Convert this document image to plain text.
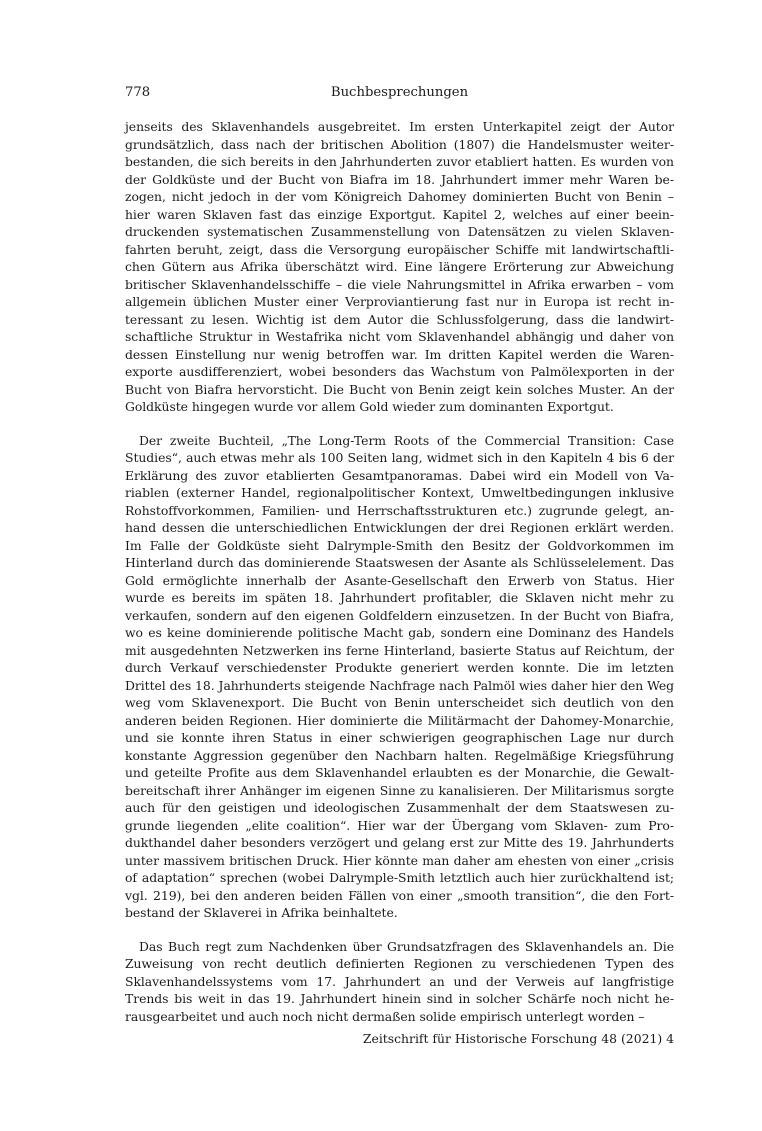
778	Buchbesprechungen

jenseits des Sklavenhandels ausgebreitet. Im ersten Unterkapitel zeigt der Autor grundsätzlich, dass nach der britischen Abolition (1807) die Handelsmuster weiterbestanden, die sich bereits in den Jahrhunderten zuvor etabliert hatten. Es wurden von der Goldküste und der Bucht von Biafra im 18. Jahrhundert immer mehr Waren bezogen, nicht jedoch in der vom Königreich Dahomey dominierten Bucht von Benin – hier waren Sklaven fast das einzige Exportgut. Kapitel 2, welches auf einer beeindruckenden systematischen Zusammenstellung von Datensätzen zu vielen Sklavenfahrten beruht, zeigt, dass die Versorgung europäischer Schiffe mit landwirtschaftlichen Gütern aus Afrika überschätzt wird. Eine längere Erörterung zur Abweichung britischer Sklavenhandelsschiffe – die viele Nahrungsmittel in Afrika erwarben – vom allgemein üblichen Muster einer Verproviantierung fast nur in Europa ist recht interessant zu lesen. Wichtig ist dem Autor die Schlussfolgerung, dass die landwirtschaftliche Struktur in Westafrika nicht vom Sklavenhandel abhängig und daher von dessen Einstellung nur wenig betroffen war. Im dritten Kapitel werden die Warenexporte ausdifferenziert, wobei besonders das Wachstum von Palmölexporten in der Bucht von Biafra hervorsticht. Die Bucht von Benin zeigt kein solches Muster. An der Goldküste hingegen wurde vor allem Gold wieder zum dominanten Exportgut.

Der zweite Buchteil, „The Long-Term Roots of the Commercial Transition: Case Studies“, auch etwas mehr als 100 Seiten lang, widmet sich in den Kapiteln 4 bis 6 der Erklärung des zuvor etablierten Gesamtpanoramas. Dabei wird ein Modell von Variablen (externer Handel, regionalpolitischer Kontext, Umweltbedingungen inklusive Rohstoffvorkommen, Familien- und Herrschaftsstrukturen etc.) zugrunde gelegt, anhand dessen die unterschiedlichen Entwicklungen der drei Regionen erklärt werden. Im Falle der Goldküste sieht Dalrymple-Smith den Besitz der Goldvorkommen im Hinterland durch das dominierende Staatswesen der Asante als Schlüsselelement. Das Gold ermöglichte innerhalb der Asante-Gesellschaft den Erwerb von Status. Hier wurde es bereits im späten 18. Jahrhundert profitabler, die Sklaven nicht mehr zu verkaufen, sondern auf den eigenen Goldfeldern einzusetzen. In der Bucht von Biafra, wo es keine dominierende politische Macht gab, sondern eine Dominanz des Handels mit ausgedehnten Netzwerken ins ferne Hinterland, basierte Status auf Reichtum, der durch Verkauf verschiedenster Produkte generiert werden konnte. Die im letzten Drittel des 18. Jahrhunderts steigende Nachfrage nach Palmöl wies daher hier den Weg weg vom Sklavenexport. Die Bucht von Benin unterscheidet sich deutlich von den anderen beiden Regionen. Hier dominierte die Militärmacht der Dahomey-Monarchie, und sie konnte ihren Status in einer schwierigen geographischen Lage nur durch konstante Aggression gegenüber den Nachbarn halten. Regelmäßige Kriegsführung und geteilte Profite aus dem Sklavenhandel erlaubten es der Monarchie, die Gewaltbereitschaft ihrer Anhänger im eigenen Sinne zu kanalisieren. Der Militarismus sorgte auch für den geistigen und ideologischen Zusammenhalt der dem Staatswesen zugrunde liegenden „elite coalition“. Hier war der Übergang vom Sklaven- zum Produkthandel daher besonders verzögert und gelang erst zur Mitte des 19. Jahrhunderts unter massivem britischen Druck. Hier könnte man daher am ehesten von einer „crisis of adaptation“ sprechen (wobei Dalrymple-Smith letztlich auch hier zurückhaltend ist; vgl. 219), bei den anderen beiden Fällen von einer „smooth transition“, die den Fortbestand der Sklaverei in Afrika beinhaltete.

Das Buch regt zum Nachdenken über Grundsatzfragen des Sklavenhandels an. Die Zuweisung von recht deutlich definierten Regionen zu verschiedenen Typen des Sklavenhandelssystems vom 17. Jahrhundert an und der Verweis auf langfristige Trends bis weit in das 19. Jahrhundert hinein sind in solcher Schärfe noch nicht herausgearbeitet und auch noch nicht dermaßen solide empirisch unterlegt worden –

Zeitschrift für Historische Forschung 48 (2021) 4
